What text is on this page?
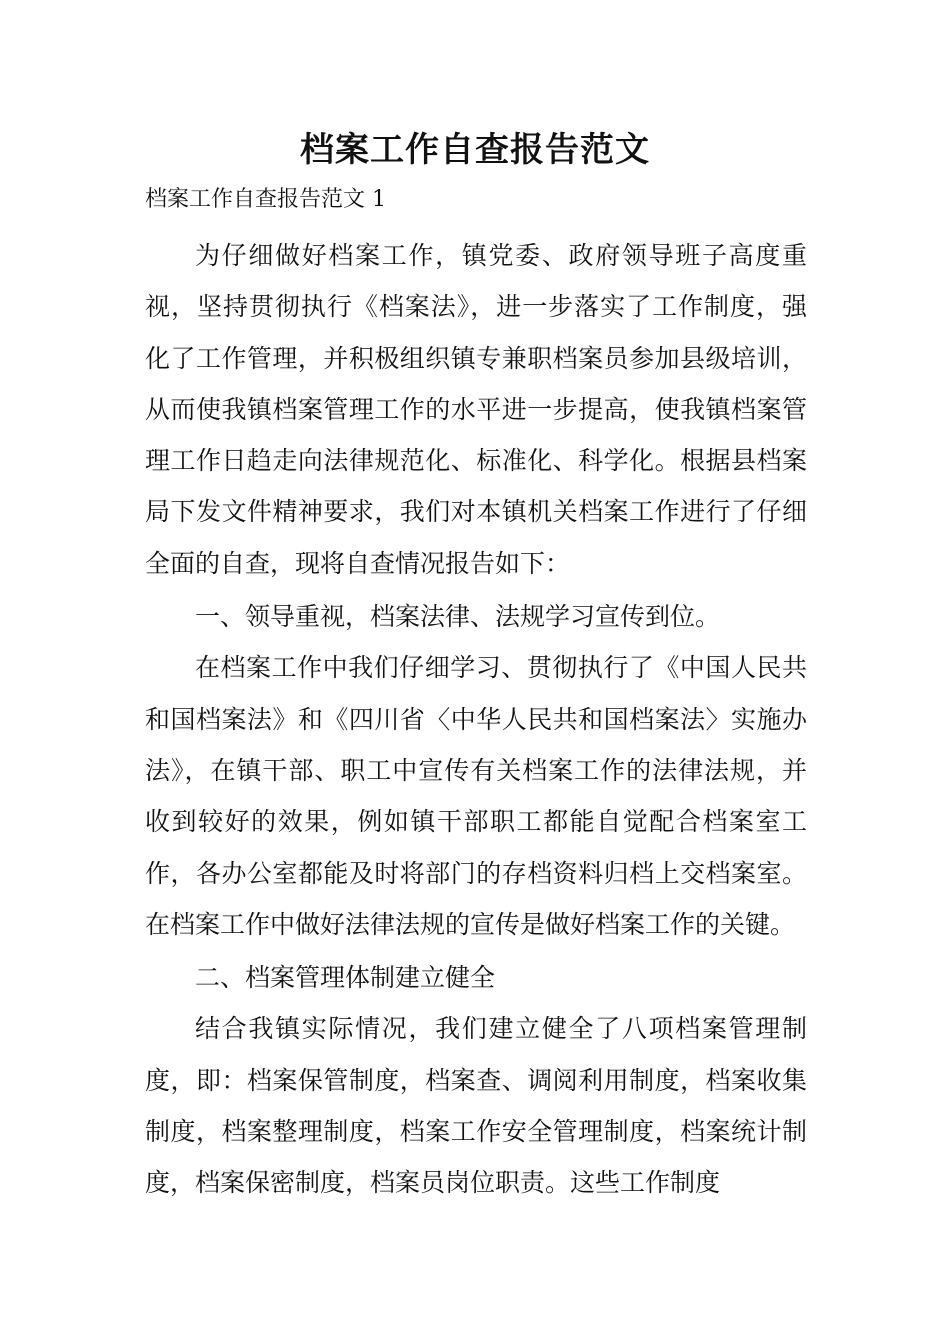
档案工作自查报告范文

档案工作自查报告范文 1

为仔细做好档案工作，镇党委、政府领导班子高度重视，坚持贯彻执行《档案法》，进一步落实了工作制度，强化了工作管理，并积极组织镇专兼职档案员参加县级培训，从而使我镇档案管理工作的水平进一步提高，使我镇档案管理工作日趋走向法律规范化、标准化、科学化。根据县档案局下发文件精神要求，我们对本镇机关档案工作进行了仔细全面的自查，现将自查情况报告如下：

一、领导重视，档案法律、法规学习宣传到位。

在档案工作中我们仔细学习、贯彻执行了《中国人民共和国档案法》和《四川省〈中华人民共和国档案法〉实施办法》，在镇干部、职工中宣传有关档案工作的法律法规，并收到较好的效果，例如镇干部职工都能自觉配合档案室工作，各办公室都能及时将部门的存档资料归档上交档案室。在档案工作中做好法律法规的宣传是做好档案工作的关键。

二、档案管理体制建立健全

结合我镇实际情况，我们建立健全了八项档案管理制度，即：档案保管制度，档案查、调阅利用制度，档案收集制度，档案整理制度，档案工作安全管理制度，档案统计制度，档案保密制度，档案员岗位职责。这些工作制度
